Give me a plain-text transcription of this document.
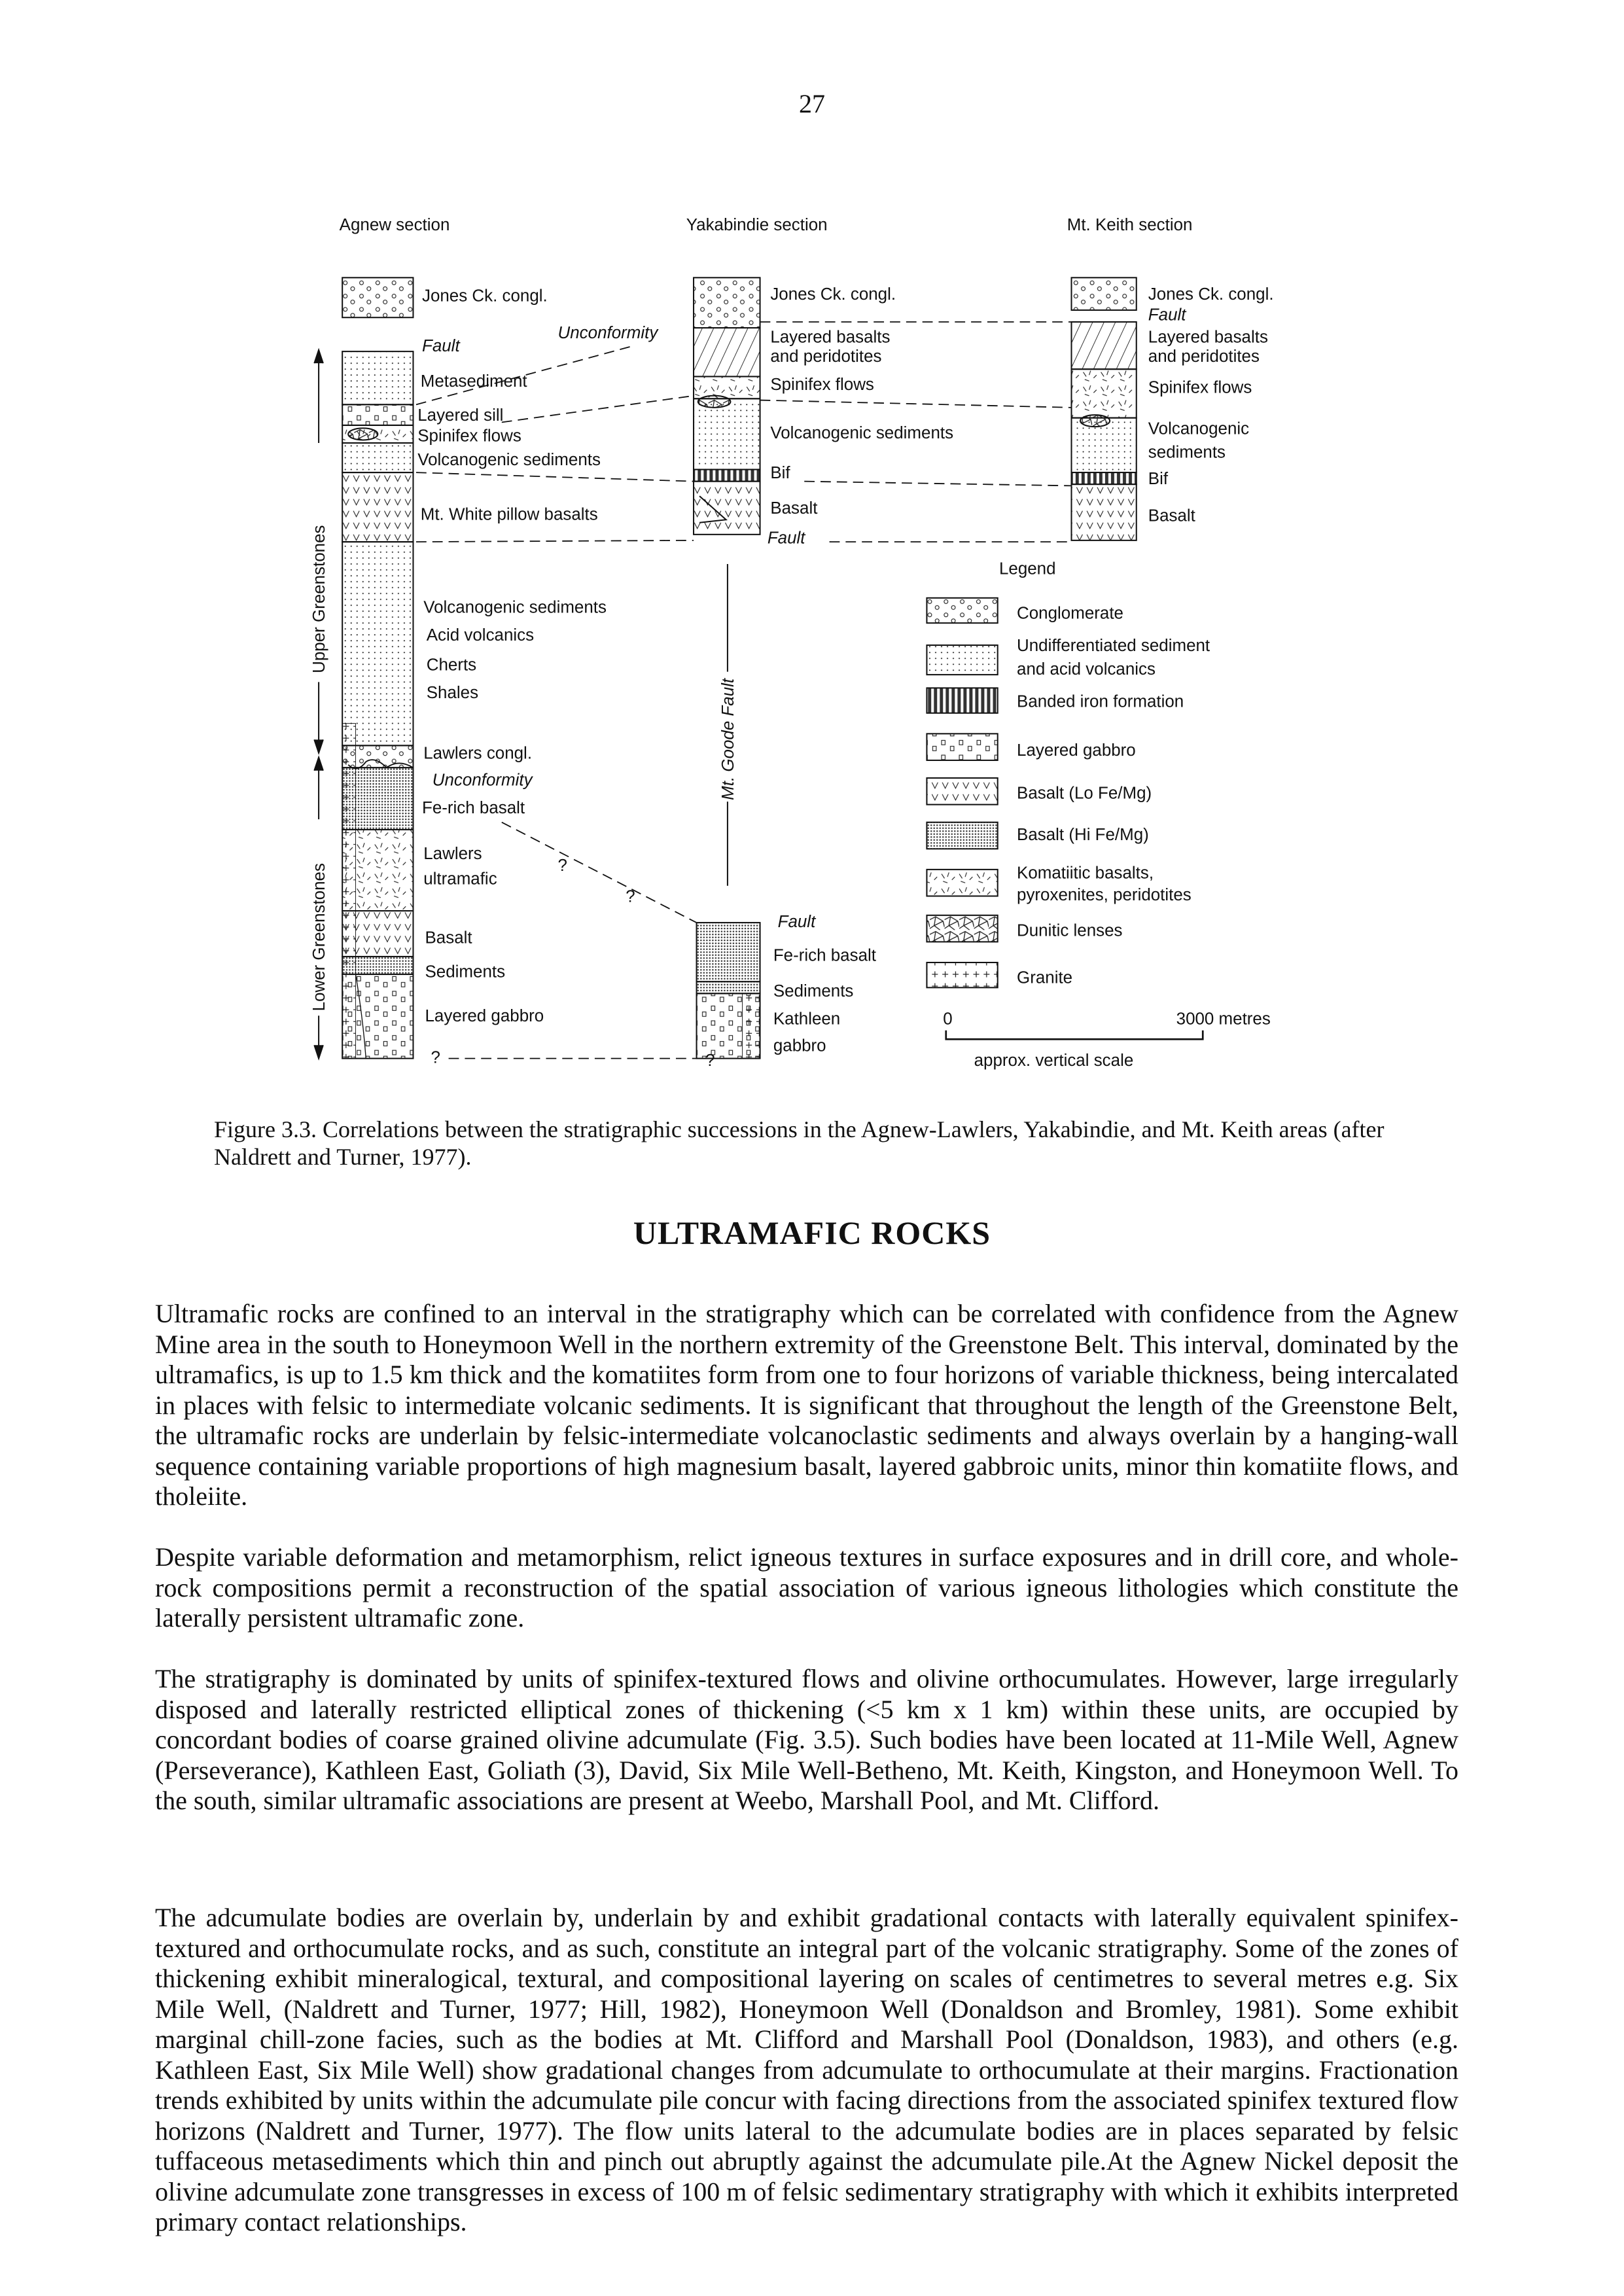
27
Agnew section	Yakabindie section	Mt. Keith section
Upper Greenstones
Lower Greenstones
Jones Ck. congl.
Fault
Unconformity
Metasediment
Layered sill
Spinifex flows
Volcanogenic sediments
Mt. White pillow basalts
Volcanogenic sediments
Acid volcanics
Cherts
Shales
Lawlers congl.
Unconformity
Fe-rich basalt
Lawlers
ultramafic
Basalt
Sediments
Layered gabbro
?
Jones Ck. congl.
Layered basalts
and peridotites
Spinifex flows
Volcanogenic sediments
Bif
Basalt
Fault
Mt. Goode Fault
Fault
Fe-rich basalt
Sediments
Kathleen
gabbro
?
?
?
Jones Ck. congl.
Fault
Layered basalts
and peridotites
Spinifex flows
Volcanogenic
sediments
Bif
Basalt
Legend
Conglomerate
Undifferentiated sediment
and acid volcanics
Banded iron formation
Layered gabbro
Basalt (Lo Fe/Mg)
Basalt (Hi Fe/Mg)
Komatiitic basalts,
pyroxenites, peridotites
Dunitic lenses
Granite
0	3000 metres
approx. vertical scale
Figure 3.3. Correlations between the stratigraphic successions in the Agnew-Lawlers, Yakabindie, and Mt. Keith areas (after Naldrett and Turner, 1977).
ULTRAMAFIC ROCKS

Ultramafic rocks are confined to an interval in the stratigraphy which can be correlated with confidence from the Agnew Mine area in the south to Honeymoon Well in the northern extremity of the Greenstone Belt. This interval, dominated by the ultramafics, is up to 1.5 km thick and the komatiites form from one to four horizons of variable thickness, being intercalated in places with felsic to intermediate volcanic sediments. It is significant that throughout the length of the Greenstone Belt, the ultramafic rocks are underlain by felsic-intermediate volcanoclastic sediments and always overlain by a hanging-wall sequence containing variable proportions of high magnesium basalt, layered gabbroic units, minor thin komatiite flows, and tholeiite.

Despite variable deformation and metamorphism, relict igneous textures in surface exposures and in drill core, and whole-rock compositions permit a reconstruction of the spatial association of various igneous lithologies which constitute the laterally persistent ultramafic zone.

The stratigraphy is dominated by units of spinifex-textured flows and olivine orthocumulates. However, large irregularly disposed and laterally restricted elliptical zones of thickening (<5 km x 1 km) within these units, are occupied by concordant bodies of coarse grained olivine adcumulate (Fig. 3.5). Such bodies have been located at 11-Mile Well, Agnew (Perseverance), Kathleen East, Goliath (3), David, Six Mile Well-Betheno, Mt. Keith, Kingston, and Honeymoon Well. To the south, similar ultramafic associations are present at Weebo, Marshall Pool, and Mt. Clifford.

The adcumulate bodies are overlain by, underlain by and exhibit gradational contacts with laterally equivalent spinifex-textured and orthocumulate rocks, and as such, constitute an integral part of the volcanic stratigraphy. Some of the zones of thickening exhibit mineralogical, textural, and compositional layering on scales of centimetres to several metres e.g. Six Mile Well, (Naldrett and Turner, 1977; Hill, 1982), Honeymoon Well (Donaldson and Bromley, 1981). Some exhibit marginal chill-zone facies, such as the bodies at Mt. Clifford and Marshall Pool (Donaldson, 1983), and others (e.g. Kathleen East, Six Mile Well) show gradational changes from adcumulate to orthocumulate at their margins. Fractionation trends exhibited by units within the adcumulate pile concur with facing directions from the associated spinifex textured flow horizons (Naldrett and Turner, 1977). The flow units lateral to the adcumulate bodies are in places separated by felsic tuffaceous metasediments which thin and pinch out abruptly against the adcumulate pile.At the Agnew Nickel deposit the olivine adcumulate zone transgresses in excess of 100 m of felsic sedimentary stratigraphy with which it exhibits interpreted primary contact relationships.
